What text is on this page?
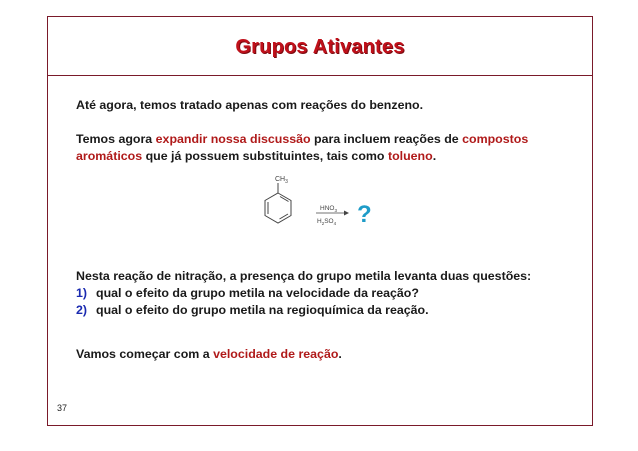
Grupos Ativantes
Até agora, temos tratado apenas com reações do benzeno.
Temos agora expandir nossa discussão para incluem reações de compostos
aromáticos que já possuem substituintes, tais como tolueno.
$CH_3$
$HNO_3$
$H_2SO_4$ ?
Nesta reação de nitração, a presença do grupo metila levanta duas questões:
1) qual o efeito da grupo metila na velocidade da reação?
2) qual o efeito do grupo metila na regioquímica da reação.
Vamos começar com a velocidade de reação.
37
